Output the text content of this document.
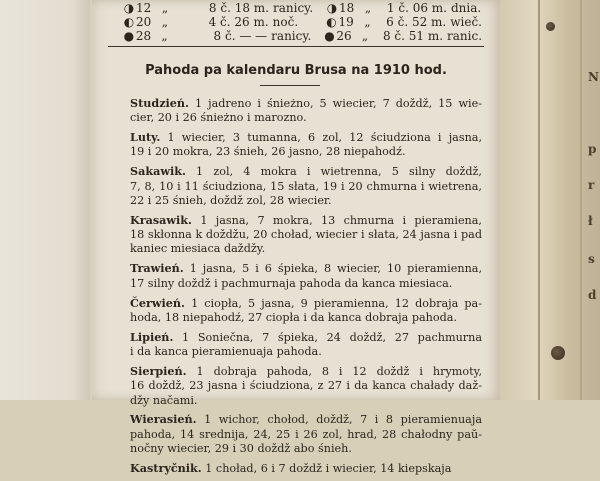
◑ 12 „	8 č. 18 m. ranicy.	◑ 18 „	1 č. 06 m. dnia.
◐ 20 „	4 č. 26 m. noč.	◐ 19 „	6 č. 52 m. wieč.
● 28 „	8 č. — — ranicy.	● 26 „	8 č. 51 m. ranic.
Pahoda pa kalendaru Brusa na 1910 hod.
Studzień. 1 jadreno i śnieżno, 5 wiecier, 7 doždž, 15 wie-
cier, 20 i 26 śnieżno i marozno.
Luty. 1 wiecier, 3 tumanna, 6 zol, 12 ściudziona i jasna,
19 i 20 mokra, 23 śnieh, 26 jasno, 28 niepahodź.
Sakawik. 1 zol, 4 mokra i wietrenna, 5 silny doždž,
7, 8, 10 i 11 ściudziona, 15 słata, 19 i 20 chmurna i wietrena,
22 i 25 śnieh, doždž zol, 28 wiecier.
Krasawik. 1 jasna, 7 mokra, 13 chmurna i pieramiena,
18 skłonna k doždžu, 20 choład, wiecier i słata, 24 jasna i pad
kaniec miesiaca daždžy.
Trawień. 1 jasna, 5 i 6 śpieka, 8 wiecier, 10 pieramienna,
17 silny doždž i pachmurnaja pahoda da kanca miesiaca.
Čerwień. 1 ciopła, 5 jasna, 9 pieramienna, 12 dobraja pa-
hoda, 18 niepahodź, 27 ciopła i da kanca dobraja pahoda.
Lipień. 1 Soniečna, 7 śpieka, 24 doždž, 27 pachmurna
i da kanca pieramienuaja pahoda.
Sierpień. 1 dobraja pahoda, 8 i 12 doždž i hrymoty,
16 doždž, 23 jasna i ściudziona, z 27 i da kanca chałady daž-
džy načami.
Wierasień. 1 wichor, chołod, doždž, 7 i 8 pieramienuaja
pahoda, 14 srednija, 24, 25 i 26 zol, hrad, 28 chałodny paŭ-
nočny wiecier, 29 i 30 doždž abo śnieh.
Kastryčnik. 1 choład, 6 i 7 doždž i wiecier, 14 kiepskaja
N
p
r
ł
s
d
